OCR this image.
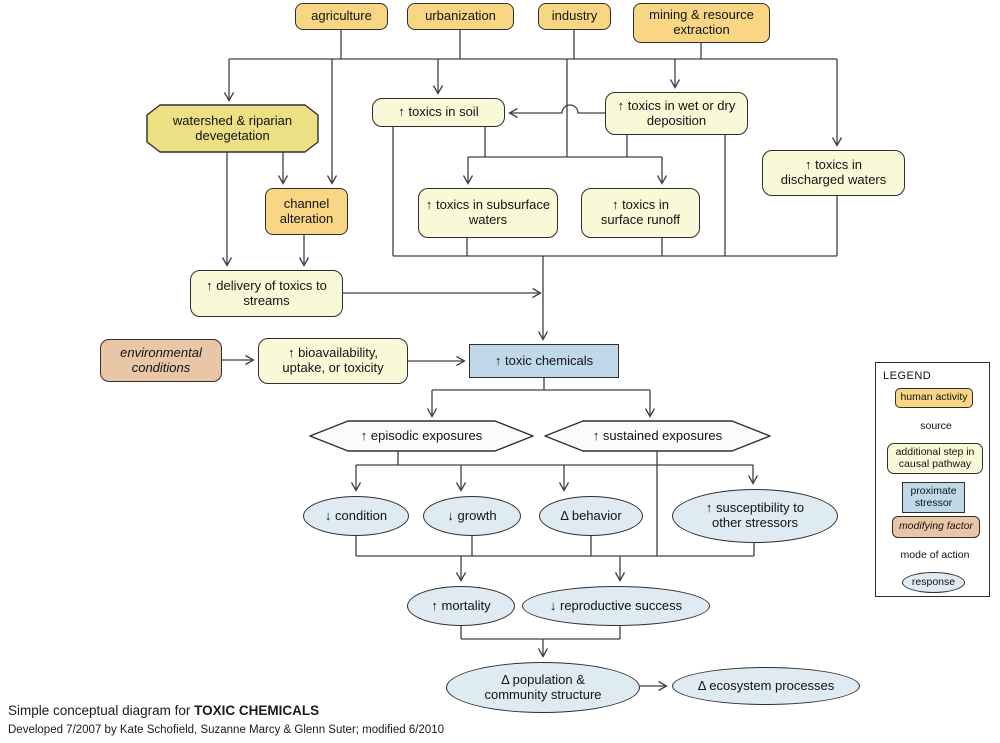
agriculture	urbanization	industry	mining & resource extraction
watershed & riparian devegetation
↑ toxics in soil	↑ toxics in wet or dry deposition
channel alteration
↑ toxics in subsurface waters
↑ toxics in surface runoff
↑ toxics in discharged waters
↑ delivery of toxics to streams
environmental conditions
↑ bioavailability, uptake, or toxicity	↑ toxic chemicals
↑ episodic exposures	↑ sustained exposures
↓ condition	↓ growth	Δ behavior	↑ susceptibility to other stressors
↑ mortality	↓ reproductive success
Δ population & community structure
Δ ecosystem processes
LEGEND
human activity
source
additional step in causal pathway
proximate stressor
modifying factor
mode of action
response
Simple conceptual diagram for TOXIC CHEMICALS
Developed 7/2007 by Kate Schofield, Suzanne Marcy & Glenn Suter; modified 6/2010
